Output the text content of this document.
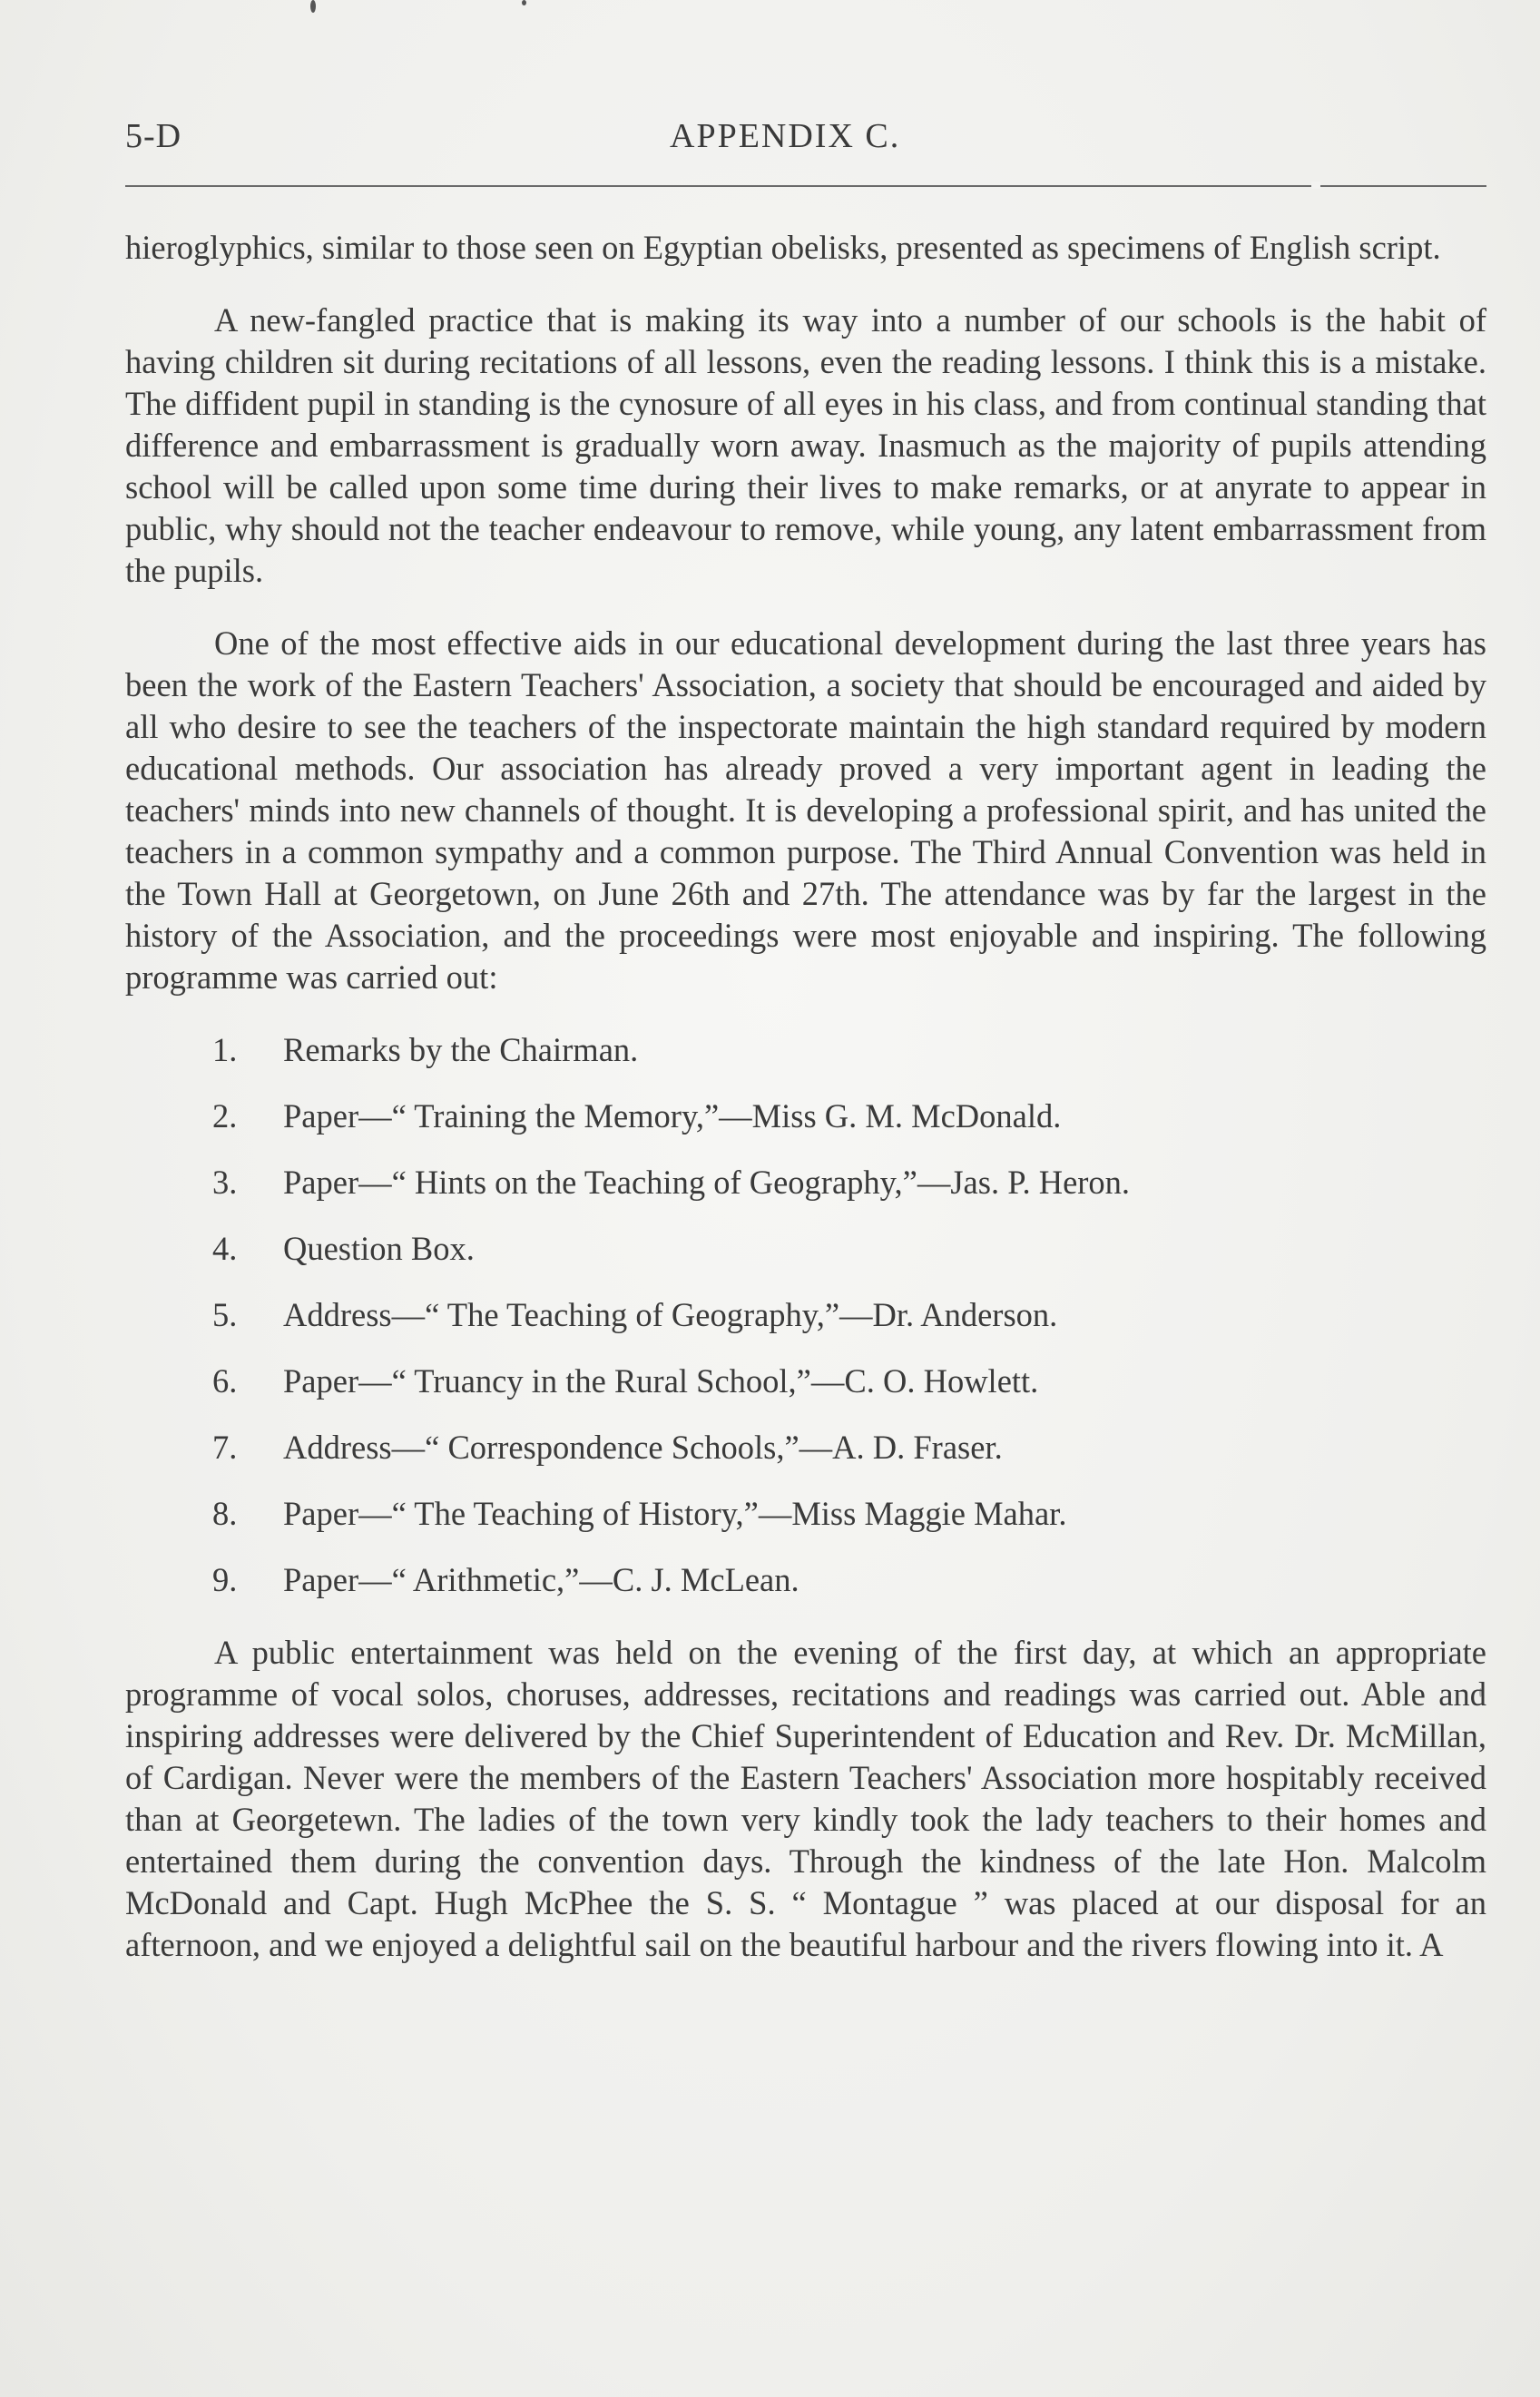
5-D	APPENDIX C.

hieroglyphics, similar to those seen on Egyptian obelisks, presented as specimens of English script.

A new-fangled practice that is making its way into a number of our schools is the habit of having children sit during recitations of all lessons, even the reading lessons. I think this is a mistake. The diffident pupil in standing is the cynosure of all eyes in his class, and from continual standing that difference and embarrassment is gradually worn away. Inasmuch as the majority of pupils attending school will be called upon some time during their lives to make remarks, or at anyrate to appear in public, why should not the teacher endeavour to remove, while young, any latent embarrassment from the pupils.

One of the most effective aids in our educational development during the last three years has been the work of the Eastern Teachers' Association, a society that should be encouraged and aided by all who desire to see the teachers of the inspectorate maintain the high standard required by modern educational methods. Our association has already proved a very important agent in leading the teachers' minds into new channels of thought. It is developing a professional spirit, and has united the teachers in a common sympathy and a common purpose. The Third Annual Convention was held in the Town Hall at Georgetown, on June 26th and 27th. The attendance was by far the largest in the history of the Association, and the proceedings were most enjoyable and inspiring. The following programme was carried out:

1. Remarks by the Chairman.
2. Paper—“ Training the Memory,”—Miss G. M. McDonald.
3. Paper—“ Hints on the Teaching of Geography,”—Jas. P. Heron.
4. Question Box.
5. Address—“ The Teaching of Geography,”—Dr. Anderson.
6. Paper—“ Truancy in the Rural School,”—C. O. Howlett.
7. Address—“ Correspondence Schools,”—A. D. Fraser.
8. Paper—“ The Teaching of History,”—Miss Maggie Mahar.
9. Paper—“ Arithmetic,”—C. J. McLean.

A public entertainment was held on the evening of the first day, at which an appropriate programme of vocal solos, choruses, addresses, recitations and readings was carried out. Able and inspiring addresses were delivered by the Chief Superintendent of Education and Rev. Dr. McMillan, of Cardigan. Never were the members of the Eastern Teachers' Association more hospitably received than at Georgetewn. The ladies of the town very kindly took the lady teachers to their homes and entertained them during the convention days. Through the kindness of the late Hon. Malcolm McDonald and Capt. Hugh McPhee the S. S. “ Montague ” was placed at our disposal for an afternoon, and we enjoyed a delightful sail on the beautiful harbour and the rivers flowing into it. A
